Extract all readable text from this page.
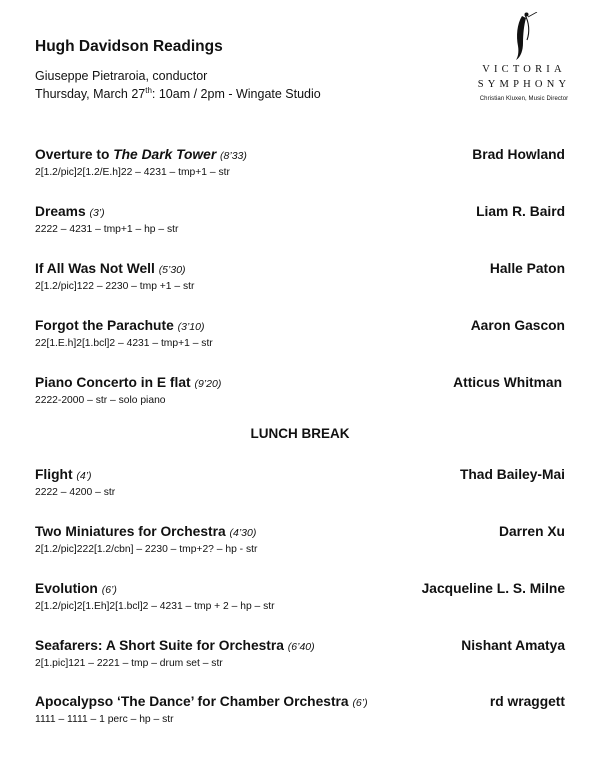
Hugh Davidson Readings
Giuseppe Pietraroia, conductor
Thursday, March 27th: 10am / 2pm - Wingate Studio
VICTORIA
SYMPHONY
Christian Kluxen, Music Director
Overture to The Dark Tower (8’33)	Brad Howland
2[1.2/pic]2[1.2/E.h]22 – 4231 – tmp+1 – str
Dreams (3’)	Liam R. Baird
2222 – 4231 – tmp+1 – hp – str
If All Was Not Well (5’30)	Halle Paton
2[1.2/pic]122 – 2230 – tmp +1 – str
Forgot the Parachute (3’10)	Aaron Gascon
22[1.E.h]2[1.bcl]2 – 4231 – tmp+1 – str
Piano Concerto in E flat (9’20)	Atticus Whitman
2222-2000 – str – solo piano
LUNCH BREAK
Flight (4’)	Thad Bailey-Mai
2222 – 4200 – str
Two Miniatures for Orchestra (4’30)	Darren Xu
2[1.2/pic]222[1.2/cbn] – 2230 – tmp+2? – hp - str
Evolution (6’)	Jacqueline L. S. Milne
2[1.2/pic]2[1.Eh]2[1.bcl]2 – 4231 – tmp + 2 – hp – str
Seafarers: A Short Suite for Orchestra (6’40)	Nishant Amatya
2[1.pic]121 – 2221 – tmp – drum set – str
Apocalypso ‘The Dance’ for Chamber Orchestra (6’)	rd wraggett
1111 – 1111 – 1 perc – hp – str
